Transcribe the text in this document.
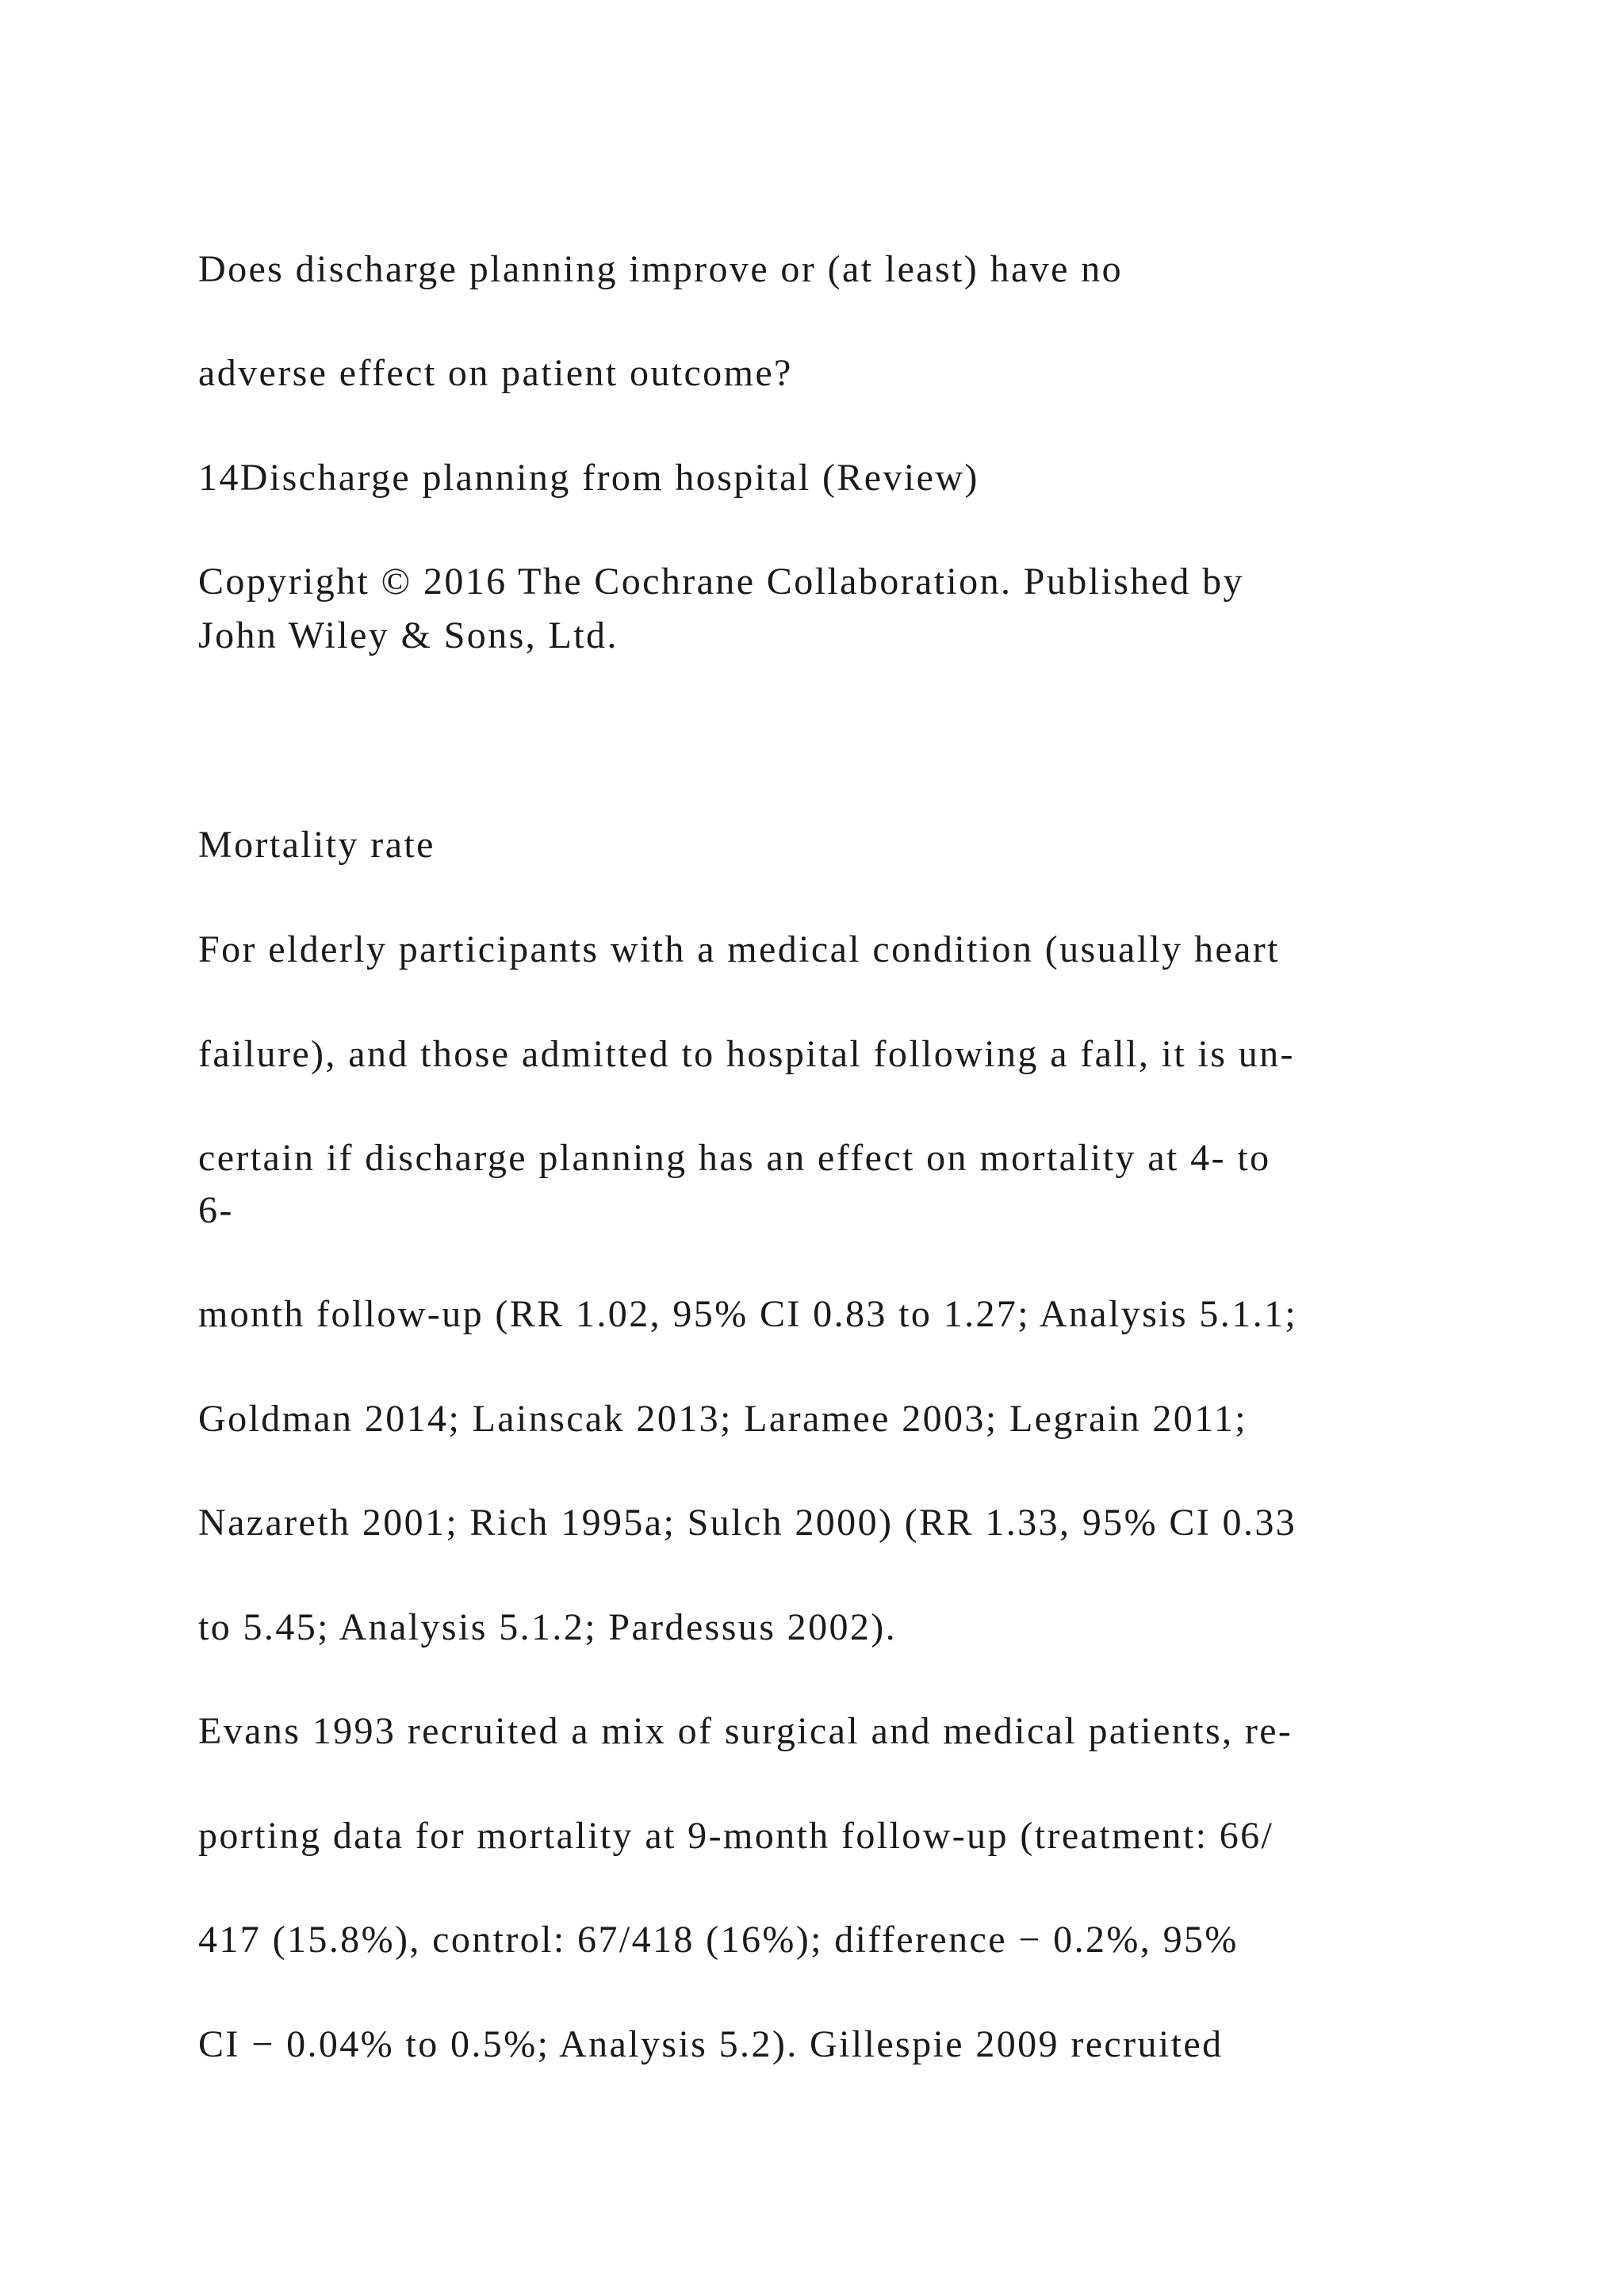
Does discharge planning improve or (at least) have no

adverse effect on patient outcome?

14Discharge planning from hospital (Review)

Copyright © 2016 The Cochrane Collaboration. Published by

John Wiley & Sons, Ltd.

Mortality rate

For elderly participants with a medical condition (usually heart

failure), and those admitted to hospital following a fall, it is un-

certain if discharge planning has an effect on mortality at 4- to

6-

month follow-up (RR 1.02, 95% CI 0.83 to 1.27; Analysis 5.1.1;

Goldman 2014; Lainscak 2013; Laramee 2003; Legrain 2011;

Nazareth 2001; Rich 1995a; Sulch 2000) (RR 1.33, 95% CI 0.33

to 5.45; Analysis 5.1.2; Pardessus 2002).

Evans 1993 recruited a mix of surgical and medical patients, re-

porting data for mortality at 9-month follow-up (treatment: 66/

417 (15.8%), control: 67/418 (16%); difference − 0.2%, 95%

CI − 0.04% to 0.5%; Analysis 5.2). Gillespie 2009 recruited
